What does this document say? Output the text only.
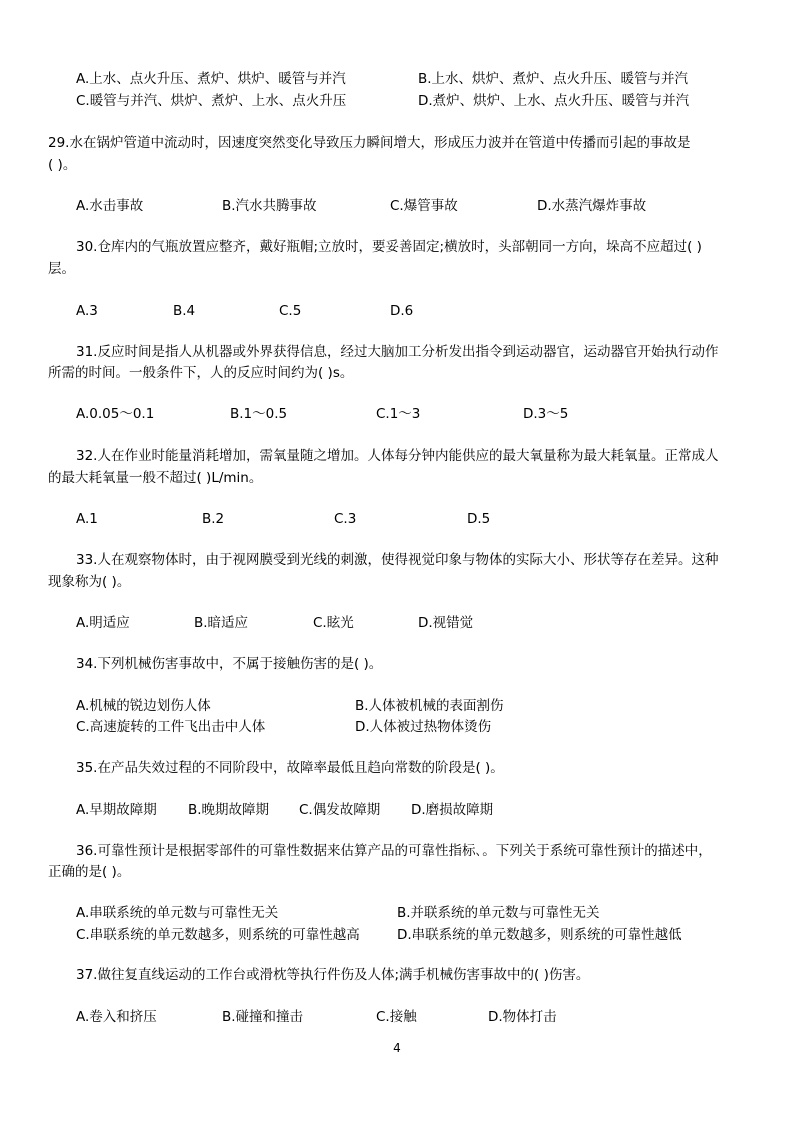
A.上水、点火升压、煮炉、烘炉、暖管与并汽	B.上水、烘炉、煮炉、点火升压、暖管与并汽
C.暖管与并汽、烘炉、煮炉、上水、点火升压	D.煮炉、烘炉、上水、点火升压、暖管与并汽
29.水在锅炉管道中流动时，因速度突然变化导致压力瞬间增大，形成压力波并在管道中传播而引起的事故是
( )。
A.水击事故	B.汽水共腾事故	C.爆管事故	D.水蒸汽爆炸事故
30.仓库内的气瓶放置应整齐，戴好瓶帽;立放时，要妥善固定;横放时，头部朝同一方向，垛高不应超过( )
层。
A.3	B.4	C.5	D.6
31.反应时间是指人从机器或外界获得信息，经过大脑加工分析发出指令到运动器官，运动器官开始执行动作
所需的时间。一般条件下，人的反应时间约为( )s。
A.0.05～0.1	B.1～0.5	C.1～3	D.3～5
32.人在作业时能量消耗增加，需氧量随之增加。人体每分钟内能供应的最大氧量称为最大耗氧量。正常成人
的最大耗氧量一般不超过( )L/min。
A.1	B.2	C.3	D.5
33.人在观察物体时，由于视网膜受到光线的刺激，使得视觉印象与物体的实际大小、形状等存在差异。这种
现象称为( )。
A.明适应	B.暗适应	C.眩光	D.视错觉
34.下列机械伤害事故中，不属于接触伤害的是( )。
A.机械的锐边划伤人体	B.人体被机械的表面割伤
C.高速旋转的工件飞出击中人体	D.人体被过热物体烫伤
35.在产品失效过程的不同阶段中，故障率最低且趋向常数的阶段是( )。
A.早期故障期 B.晚期故障期 C.偶发故障期 D.磨损故障期
36.可靠性预计是根据零部件的可靠性数据来估算产品的可靠性指标､。下列关于系统可靠性预计的描述中，
正确的是( )。
A.串联系统的单元数与可靠性无关	B.并联系统的单元数与可靠性无关
C.串联系统的单元数越多，则系统的可靠性越高	D.串联系统的单元数越多，则系统的可靠性越低
37.做往复直线运动的工作台或滑枕等执行件伤及人体;满手机械伤害事故中的( )伤害。
A.卷入和挤压	B.碰撞和撞击	C.接触	D.物体打击
4
